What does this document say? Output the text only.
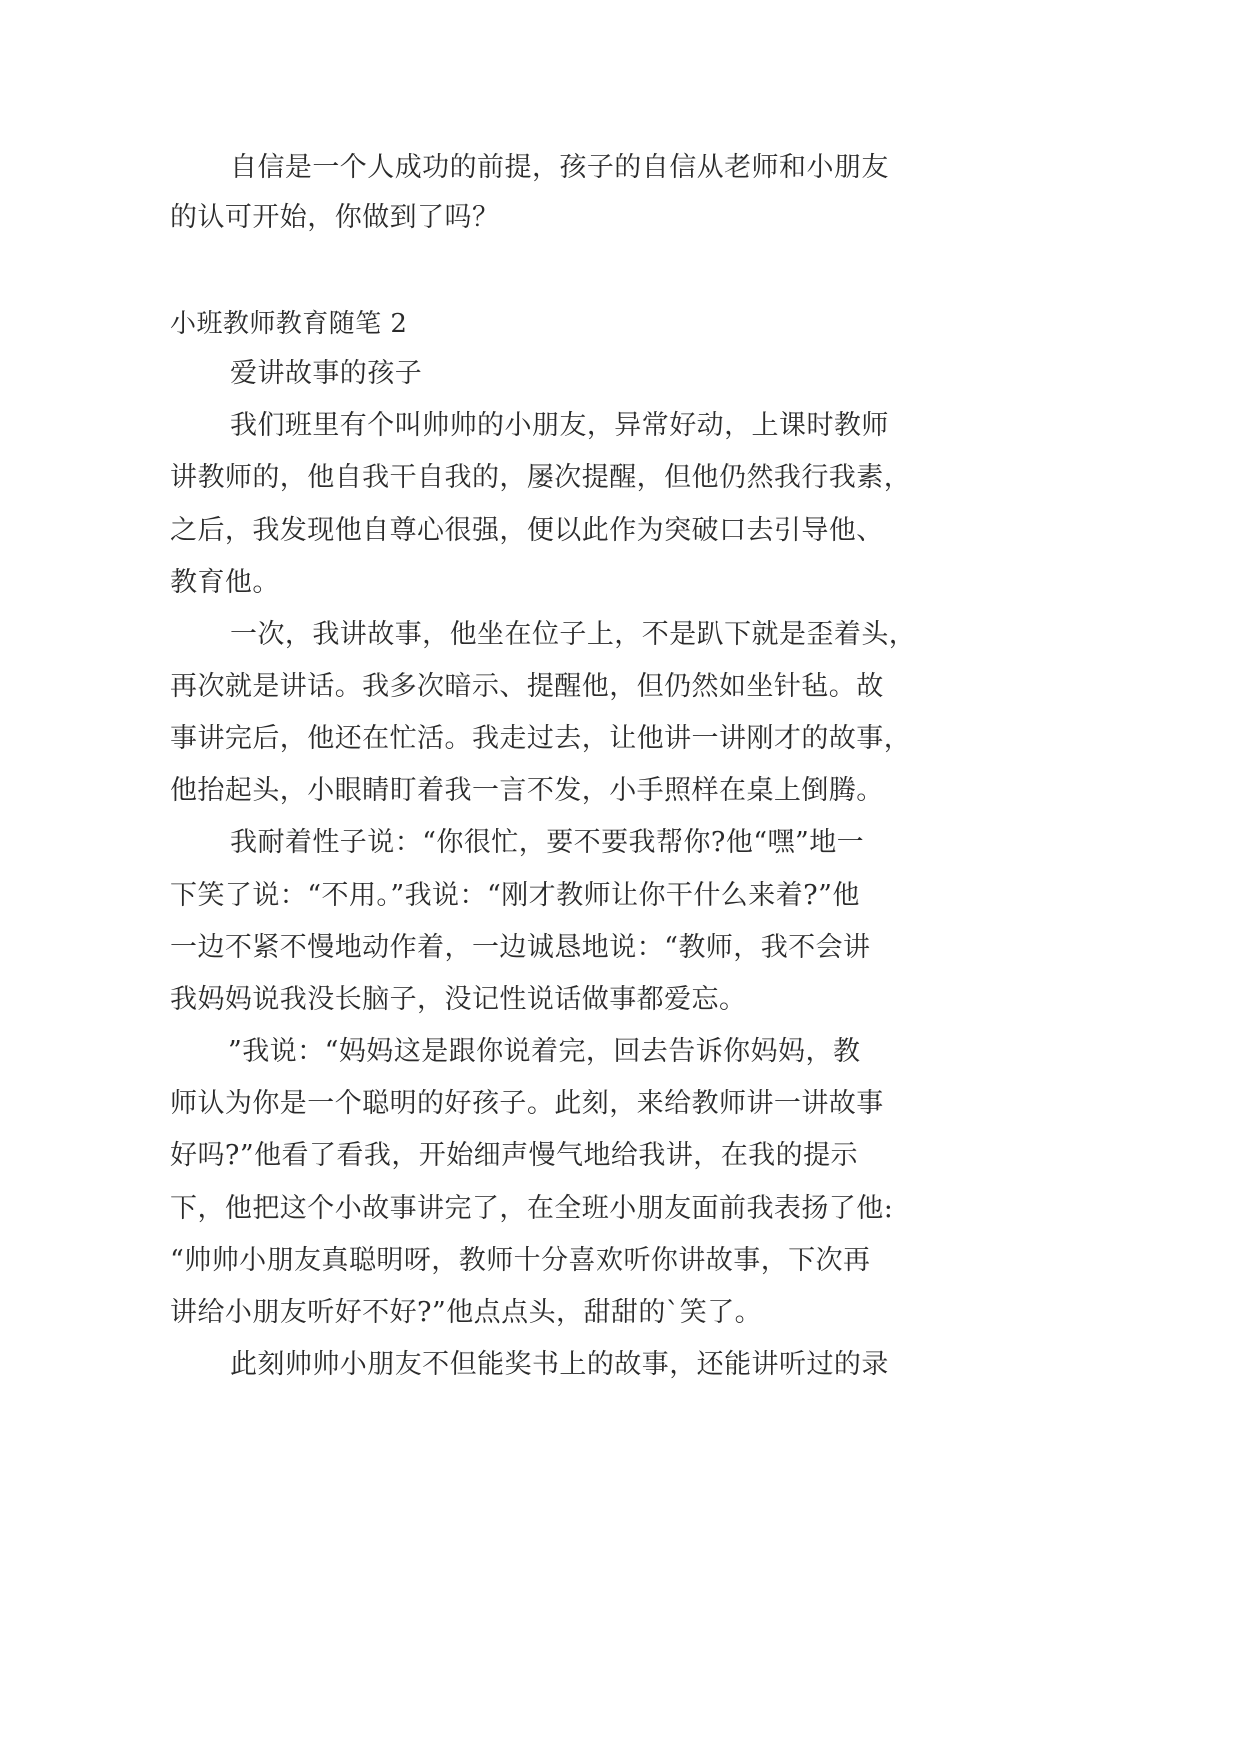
自信是一个人成功的前提，孩子的自信从老师和小朋友
的认可开始，你做到了吗？
小班教师教育随笔 2
爱讲故事的孩子
我们班里有个叫帅帅的小朋友，异常好动，上课时教师
讲教师的，他自我干自我的，屡次提醒，但他仍然我行我素，
之后，我发现他自尊心很强，便以此作为突破口去引导他、
教育他。
一次，我讲故事，他坐在位子上，不是趴下就是歪着头，
再次就是讲话。我多次暗示、提醒他，但仍然如坐针毡。故
事讲完后，他还在忙活。我走过去，让他讲一讲刚才的故事，
他抬起头，小眼睛盯着我一言不发，小手照样在桌上倒腾。
我耐着性子说：“你很忙，要不要我帮你?他“嘿”地一
下笑了说：“不用。”我说：“刚才教师让你干什么来着?”他
一边不紧不慢地动作着，一边诚恳地说：“教师，我不会讲
我妈妈说我没长脑子，没记性说话做事都爱忘。
”我说：“妈妈这是跟你说着完，回去告诉你妈妈，教
师认为你是一个聪明的好孩子。此刻，来给教师讲一讲故事
好吗?”他看了看我，开始细声慢气地给我讲，在我的提示
下，他把这个小故事讲完了，在全班小朋友面前我表扬了他:
“帅帅小朋友真聪明呀，教师十分喜欢听你讲故事，下次再
讲给小朋友听好不好?”他点点头，甜甜的`笑了。
此刻帅帅小朋友不但能奖书上的故事，还能讲听过的录
